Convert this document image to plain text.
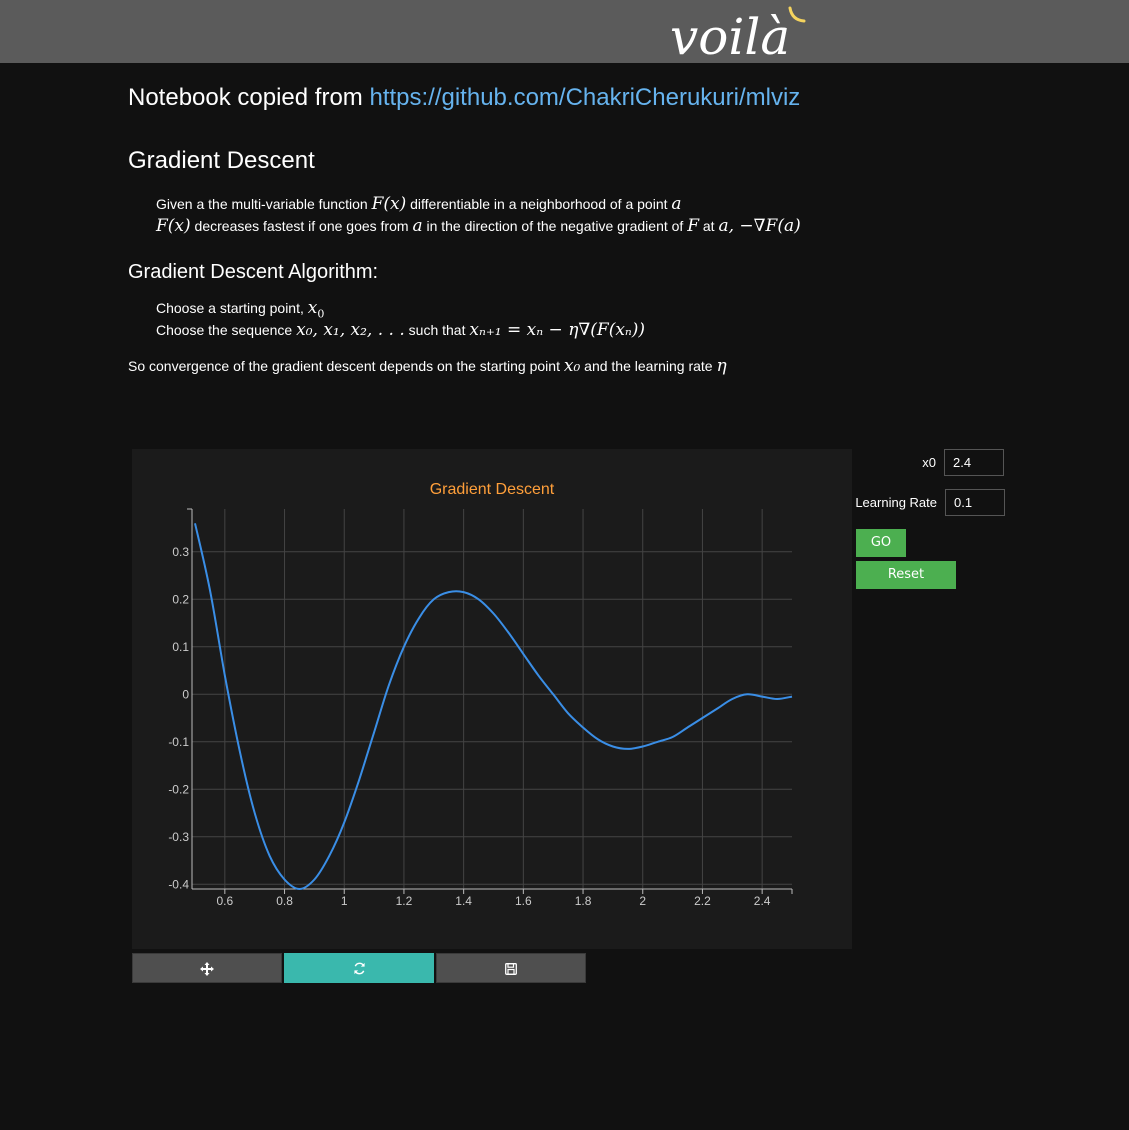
voilà
Notebook copied from https://github.com/ChakriCherukuri/mlviz
Gradient Descent
Given a the multi-variable function F(x) differentiable in a neighborhood of a point a
F(x) decreases fastest if one goes from a in the direction of the negative gradient of F at a, −∇F(a)
Gradient Descent Algorithm:
Choose a starting point, $x_0$
Choose the sequence x₀, x₁, x₂, . . . such that xₙ₊₁ = xₙ − η∇(F(xₙ))
So convergence of the gradient descent depends on the starting point x₀ and the learning rate η
Gradient Descent
0.6	0.8	1	1.2	1.4	1.6	1.8	2	2.2	2.4
-0.4
-0.3
-0.2
-0.1
0
0.1
0.2
0.3
x0
2.4
Learning Rate
0.1
GO
Reset
